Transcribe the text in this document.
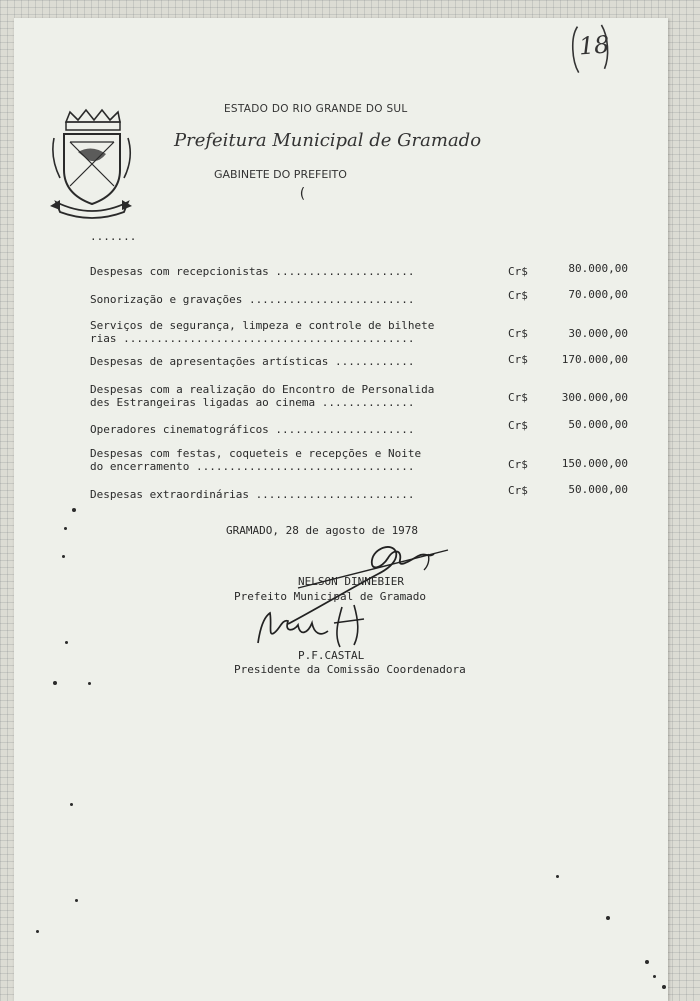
18

ESTADO DO RIO GRANDE DO SUL
Prefeitura Municipal de Gramado
GABINETE DO PREFEITO
(
.......
Despesas com recepcionistas .....................	Cr$	80.000,00
Sonorização e gravações .........................	Cr$	70.000,00
Serviços de segurança, limpeza e controle de bilhete
rias ............................................	Cr$	30.000,00
Despesas de apresentações artísticas ............	Cr$	170.000,00
Despesas com a realização do Encontro de Personalida
des Estrangeiras ligadas ao cinema ..............	Cr$	300.000,00
Operadores cinematográficos .....................	Cr$	50.000,00
Despesas com festas, coqueteis e recepções e Noite
do encerramento .................................	Cr$	150.000,00
Despesas extraordinárias ........................	Cr$	50.000,00
GRAMADO, 28 de agosto de 1978
NELSON DINNEBIER
Prefeito Municipal de Gramado
P.F.CASTAL
Presidente da Comissão Coordenadora
